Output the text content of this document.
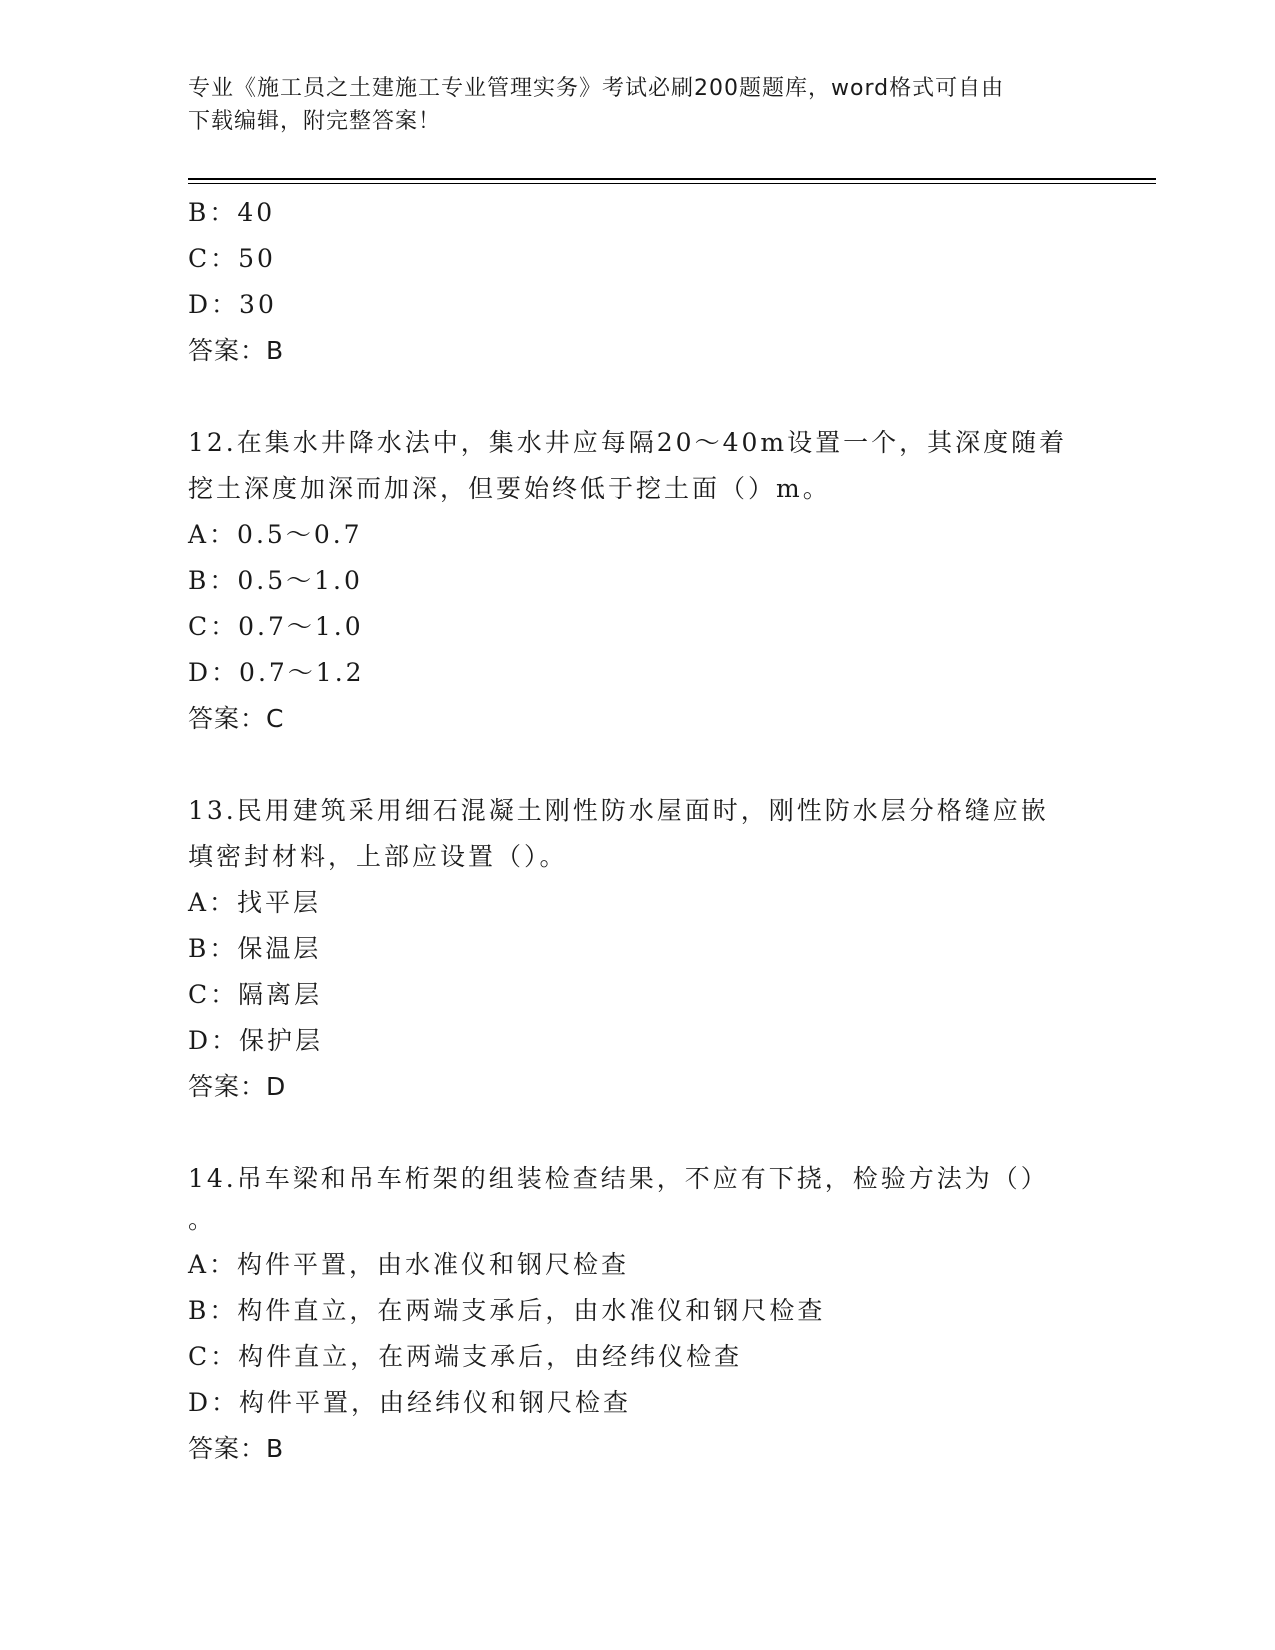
专业《施工员之土建施工专业管理实务》考试必刷200题题库，word格式可自由
下载编辑，附完整答案！
B：40
C：50
D：30
答案：B
12.在集水井降水法中，集水井应每隔20～40m设置一个，其深度随着
挖土深度加深而加深，但要始终低于挖土面（）m。
A：0.5～0.7
B：0.5～1.0
C：0.7～1.0
D：0.7～1.2
答案：C
13.民用建筑采用细石混凝土刚性防水屋面时，刚性防水层分格缝应嵌
填密封材料，上部应设置（）。
A：找平层
B：保温层
C：隔离层
D：保护层
答案：D
14.吊车梁和吊车桁架的组装检查结果，不应有下挠，检验方法为（）
。
A：构件平置，由水准仪和钢尺检查
B：构件直立，在两端支承后，由水准仪和钢尺检查
C：构件直立，在两端支承后，由经纬仪检查
D：构件平置，由经纬仪和钢尺检查
答案：B
